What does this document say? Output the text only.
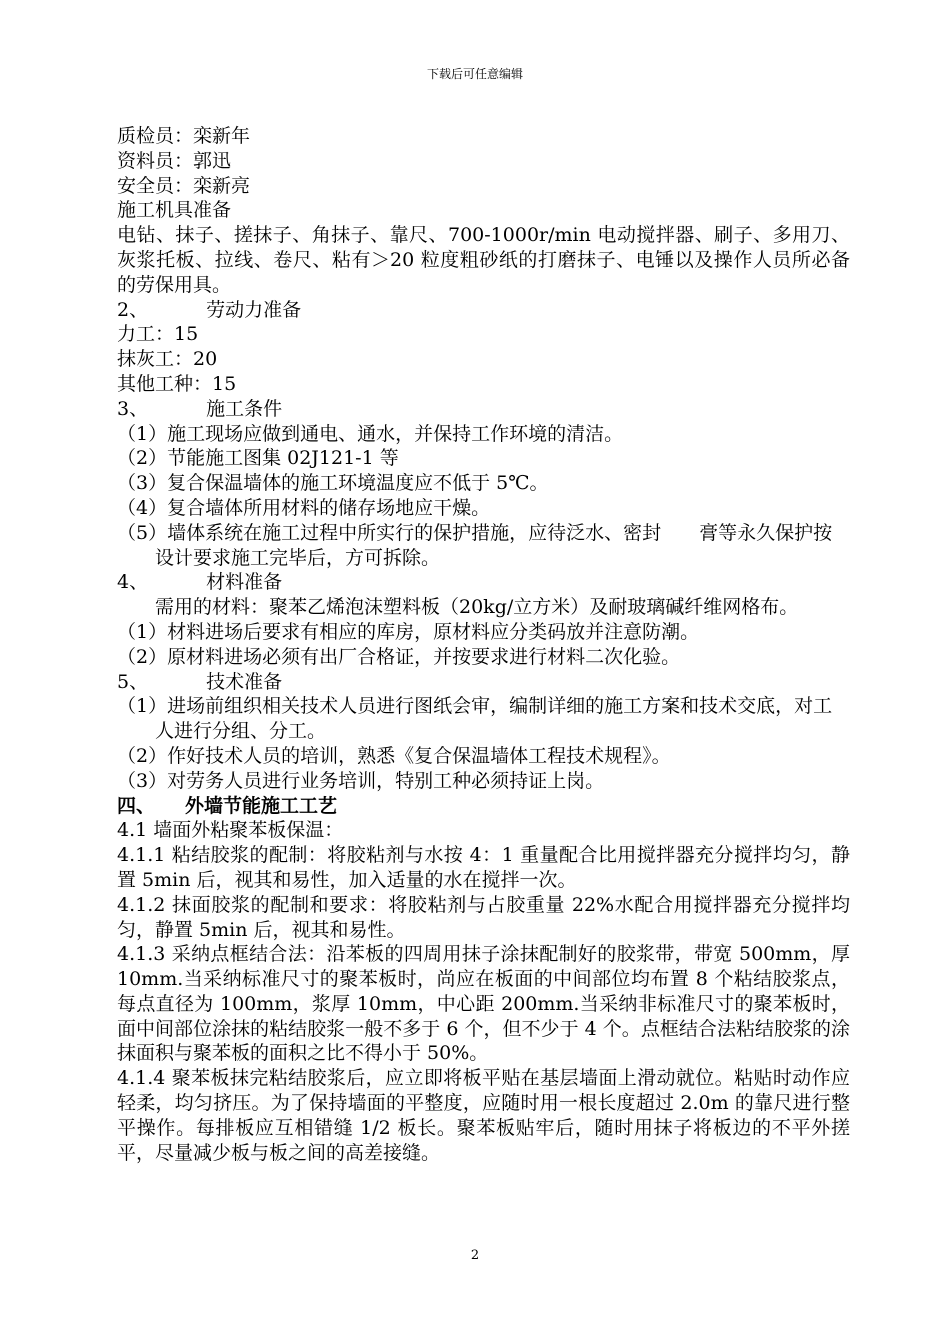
下载后可任意编辑
质检员：栾新年
资料员：郭迅
安全员：栾新亮
施工机具准备
电钻、抹子、搓抹子、角抹子、靠尺、700-1000r/min 电动搅拌器、刷子、多用刀、灰浆托板、拉线、卷尺、粘有＞20 粒度粗砂纸的打磨抹子、电锤以及操作人员所必备的劳保用具。
2、	劳动力准备
力工：15
抹灰工：20
其他工种：15
3、	施工条件
（1）施工现场应做到通电、通水，并保持工作环境的清洁。
（2）节能施工图集 02J121-1 等
（3）复合保温墙体的施工环境温度应不低于 5℃。
（4）复合墙体所用材料的储存场地应干燥。
（5）墙体系统在施工过程中所实行的保护措施，应待泛水、密封　　膏等永久保护按设计要求施工完毕后，方可拆除。
4、	材料准备
需用的材料：聚苯乙烯泡沫塑料板（20kg/立方米）及耐玻璃碱纤维网格布。
（1）材料进场后要求有相应的库房，原材料应分类码放并注意防潮。
（2）原材料进场必须有出厂合格证，并按要求进行材料二次化验。
5、	技术准备
（1）进场前组织相关技术人员进行图纸会审，编制详细的施工方案和技术交底，对工人进行分组、分工。
（2）作好技术人员的培训，熟悉《复合保温墙体工程技术规程》。
（3）对劳务人员进行业务培训，特别工种必须持证上岗。
四、 外墙节能施工工艺
4.1 墙面外粘聚苯板保温：
4.1.1 粘结胶浆的配制：将胶粘剂与水按 4：1 重量配合比用搅拌器充分搅拌均匀，静置 5min 后，视其和易性，加入适量的水在搅拌一次。
4.1.2 抹面胶浆的配制和要求：将胶粘剂与占胶重量 22%水配合用搅拌器充分搅拌均匀，静置 5min 后，视其和易性。
4.1.3 采纳点框结合法：沿苯板的四周用抹子涂抹配制好的胶浆带，带宽 500mm，厚 10mm.当采纳标准尺寸的聚苯板时，尚应在板面的中间部位均布置 8 个粘结胶浆点，每点直径为 100mm，浆厚 10mm，中心距 200mm.当采纳非标准尺寸的聚苯板时，面中间部位涂抹的粘结胶浆一般不多于 6 个，但不少于 4 个。点框结合法粘结胶浆的涂抹面积与聚苯板的面积之比不得小于 50%。
4.1.4 聚苯板抹完粘结胶浆后，应立即将板平贴在基层墙面上滑动就位。粘贴时动作应轻柔，均匀挤压。为了保持墙面的平整度，应随时用一根长度超过 2.0m 的靠尺进行整平操作。每排板应互相错缝 1/2 板长。聚苯板贴牢后，随时用抹子将板边的不平外搓平，尽量减少板与板之间的高差接缝。
2
